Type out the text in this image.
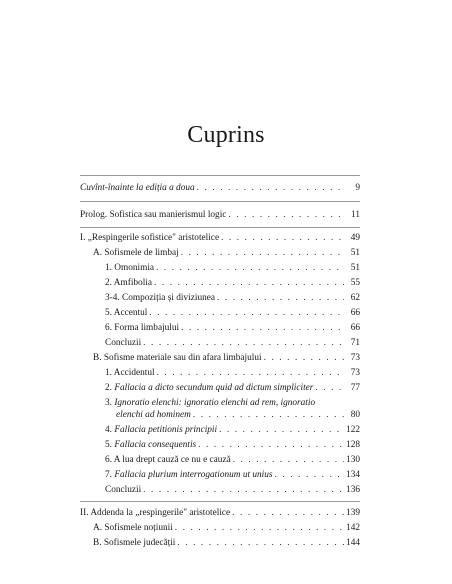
Cuprins
Cuvînt-înainte la ediția a doua . . .	9
Prolog. Sofistica sau manierismul logic . . .	11
I. „Respingerile sofistice" aristotelice . . .	49
A. Sofismele de limbaj . . .	51
1. Omonimia . . .	51
2. Amfibolia . . .	55
3-4. Compoziția și diviziunea . . .	62
5. Accentul . . .	66
6. Forma limbajului . . .	66
Concluzii . . .	71
B. Sofisme materiale sau din afara limbajului . . .	73
1. Accidentul . . .	73
2. Fallacia a dicto secundum quid ad dictum simpliciter . . .	77
3. Ignoratio elenchi: ignoratio elenchi ad rem, ignoratio
elenchi ad hominem . . .	80
4. Fallacia petitionis principii . . .	122
5. Fallacia consequentis . . .	128
6. A lua drept cauză ce nu e cauză . . .	130
7. Fallacia plurium interrogationum ut unius . . .	134
Concluzii . . .	136
II. Addenda la „respingerile" aristotelice . . .	139
A. Sofismele noțiunii . . .	142
B. Sofismele judecății . . .	144
